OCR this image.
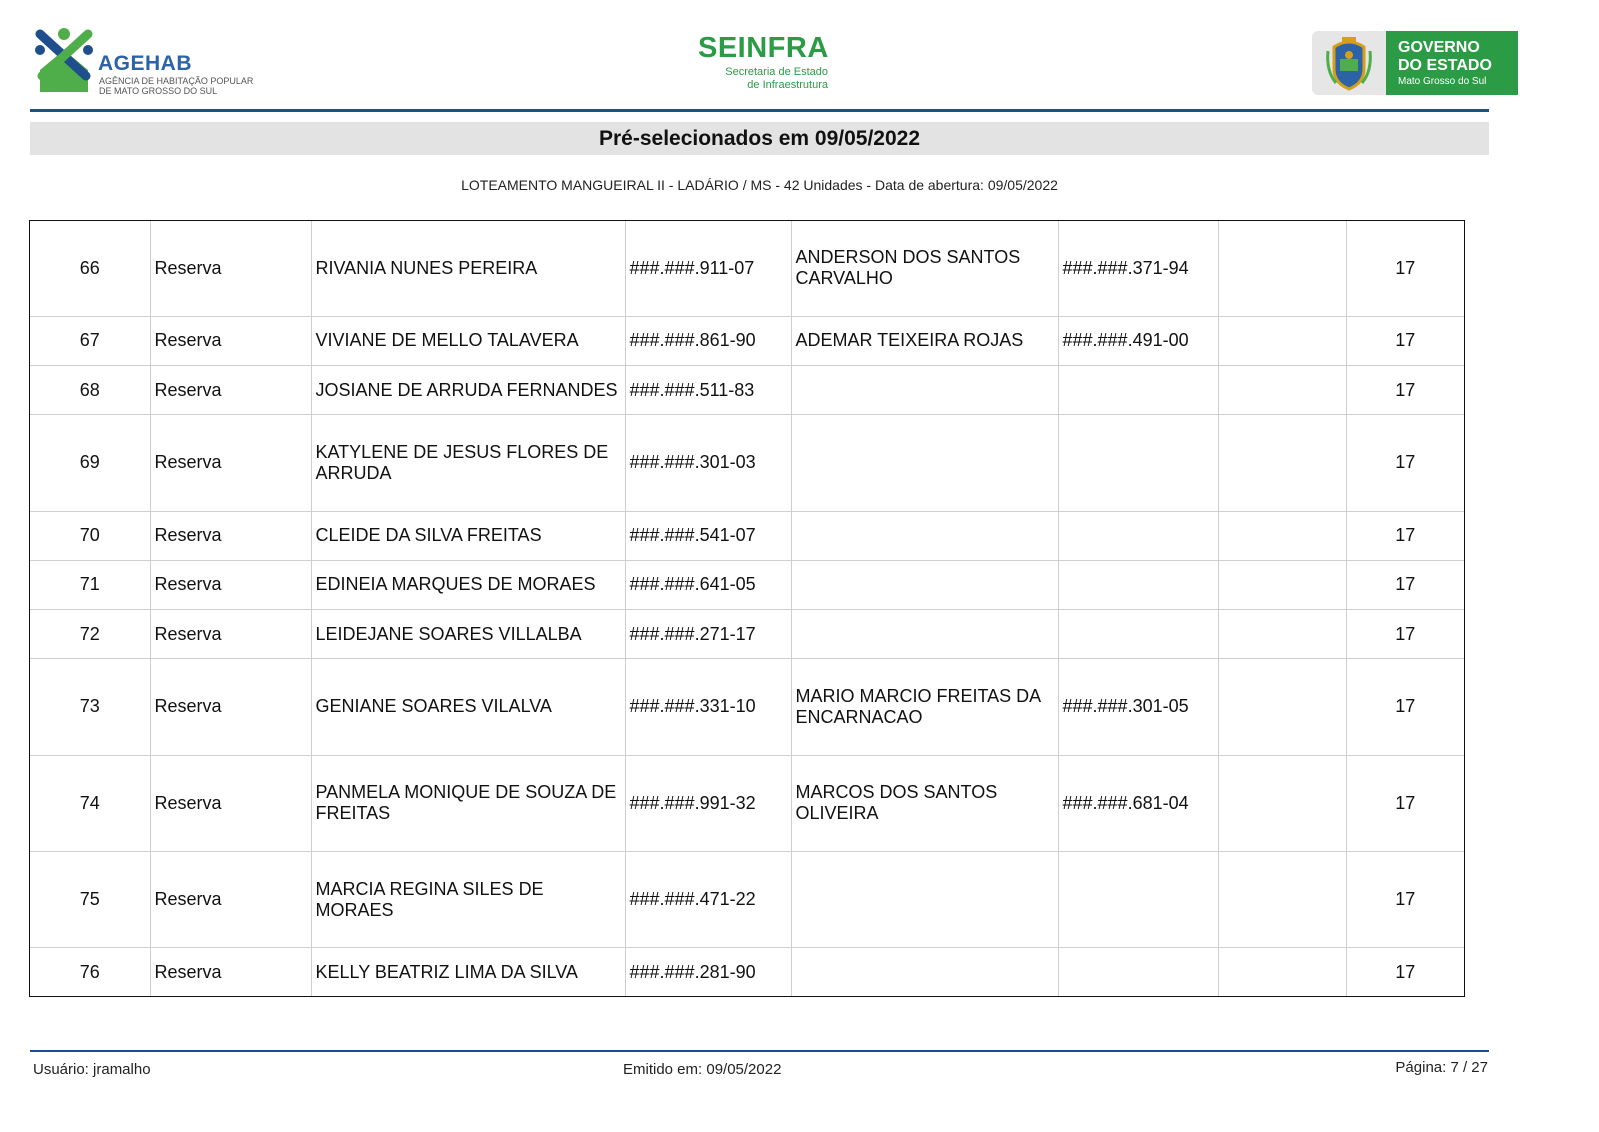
AGEHAB
AGÊNCIA DE HABITAÇÃO POPULAR
DE MATO GROSSO DO SUL
SEINFRA
Secretaria de Estado
de Infraestrutura
GOVERNO
DO ESTADO
Mato Grosso do Sul
Pré-selecionados em 09/05/2022
LOTEAMENTO MANGUEIRAL II - LADÁRIO / MS - 42 Unidades - Data de abertura: 09/05/2022
66	Reserva	RIVANIA NUNES PEREIRA	###.###.911-07	ANDERSON DOS SANTOS CARVALHO	###.###.371-94		17
67	Reserva	VIVIANE DE MELLO TALAVERA	###.###.861-90	ADEMAR TEIXEIRA ROJAS	###.###.491-00		17
68	Reserva	JOSIANE DE ARRUDA FERNANDES	###.###.511-83				17
69	Reserva	KATYLENE DE JESUS FLORES DE ARRUDA	###.###.301-03				17
70	Reserva	CLEIDE DA SILVA FREITAS	###.###.541-07				17
71	Reserva	EDINEIA MARQUES DE MORAES	###.###.641-05				17
72	Reserva	LEIDEJANE SOARES VILLALBA	###.###.271-17				17
73	Reserva	GENIANE SOARES VILALVA	###.###.331-10	MARIO MARCIO FREITAS DA ENCARNACAO	###.###.301-05		17
74	Reserva	PANMELA MONIQUE DE SOUZA DE FREITAS	###.###.991-32	MARCOS DOS SANTOS OLIVEIRA	###.###.681-04		17
75	Reserva	MARCIA REGINA SILES DE MORAES	###.###.471-22				17
76	Reserva	KELLY BEATRIZ LIMA DA SILVA	###.###.281-90				17
Usuário: jramalho	Emitido em: 09/05/2022	Página: 7 / 27
